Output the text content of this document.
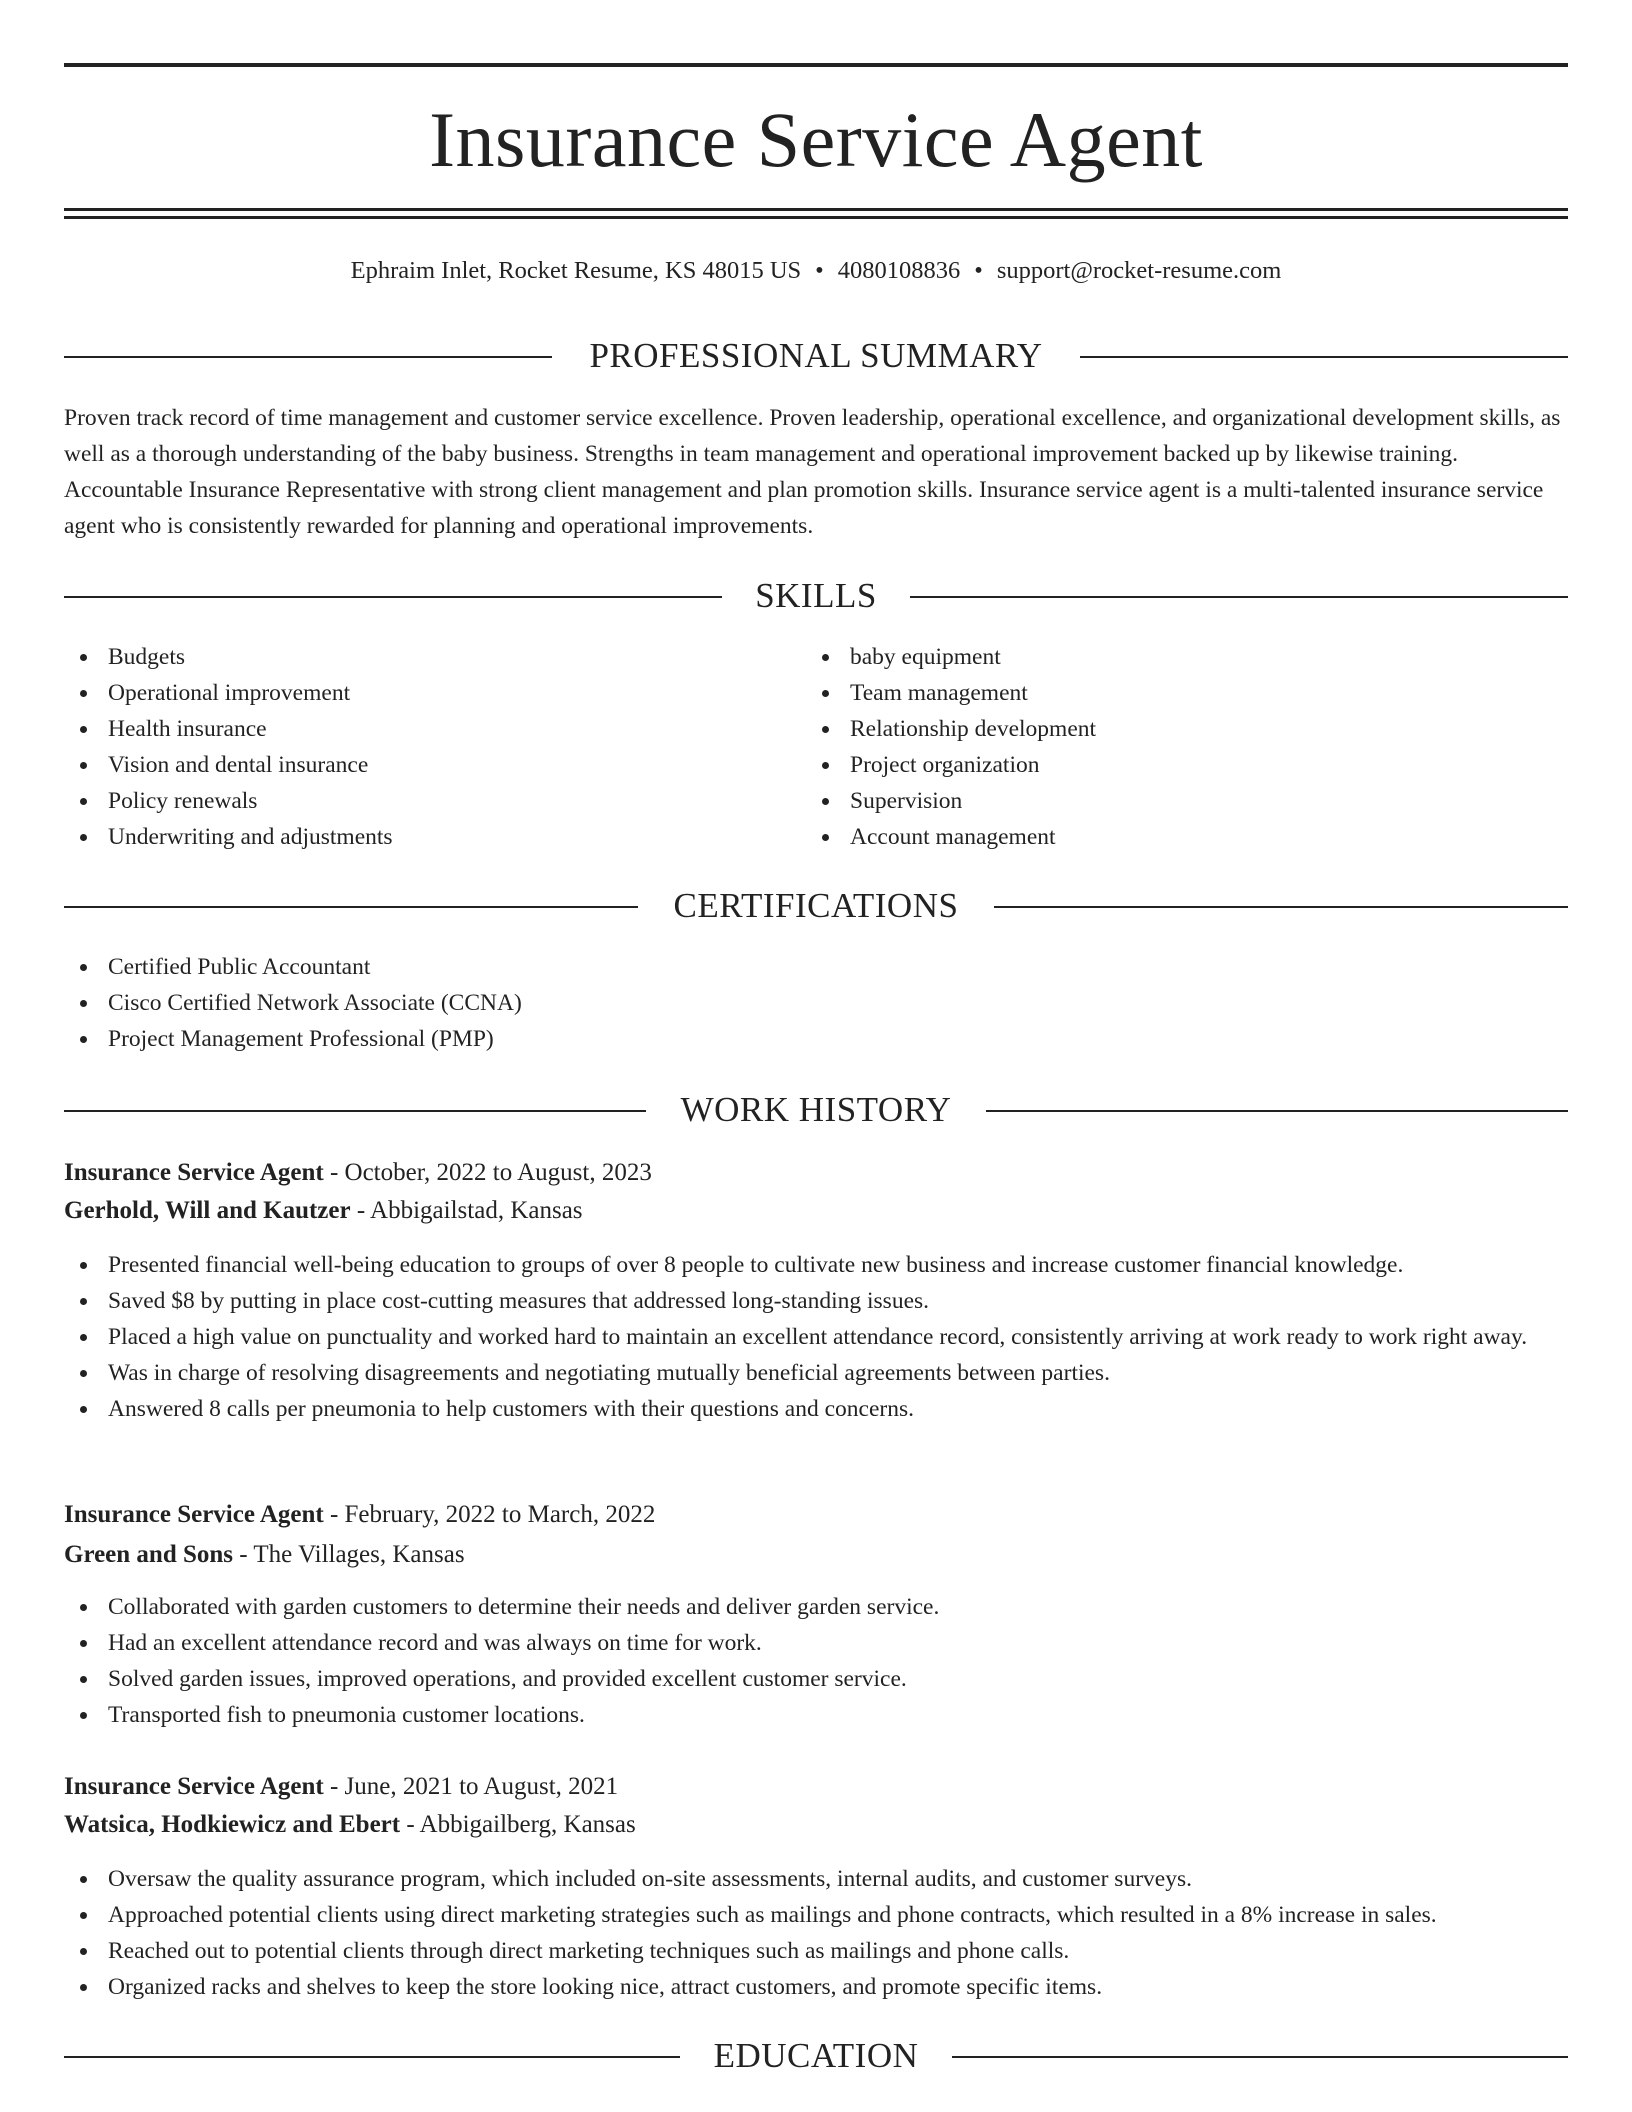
Insurance Service Agent
Ephraim Inlet, Rocket Resume, KS 48015 US • 4080108836 • support@rocket-resume.com
PROFESSIONAL SUMMARY
Proven track record of time management and customer service excellence. Proven leadership, operational excellence, and organizational development skills, as well as a thorough understanding of the baby business. Strengths in team management and operational improvement backed up by likewise training. Accountable Insurance Representative with strong client management and plan promotion skills. Insurance service agent is a multi-talented insurance service agent who is consistently rewarded for planning and operational improvements.
SKILLS
Budgets
Operational improvement
Health insurance
Vision and dental insurance
Policy renewals
Underwriting and adjustments
baby equipment
Team management
Relationship development
Project organization
Supervision
Account management
CERTIFICATIONS
Certified Public Accountant
Cisco Certified Network Associate (CCNA)
Project Management Professional (PMP)
WORK HISTORY
Insurance Service Agent - October, 2022 to August, 2023
Gerhold, Will and Kautzer - Abbigailstad, Kansas
Presented financial well-being education to groups of over 8 people to cultivate new business and increase customer financial knowledge.
Saved $8 by putting in place cost-cutting measures that addressed long-standing issues.
Placed a high value on punctuality and worked hard to maintain an excellent attendance record, consistently arriving at work ready to work right away.
Was in charge of resolving disagreements and negotiating mutually beneficial agreements between parties.
Answered 8 calls per pneumonia to help customers with their questions and concerns.
Insurance Service Agent - February, 2022 to March, 2022
Green and Sons - The Villages, Kansas
Collaborated with garden customers to determine their needs and deliver garden service.
Had an excellent attendance record and was always on time for work.
Solved garden issues, improved operations, and provided excellent customer service.
Transported fish to pneumonia customer locations.
Insurance Service Agent - June, 2021 to August, 2021
Watsica, Hodkiewicz and Ebert - Abbigailberg, Kansas
Oversaw the quality assurance program, which included on-site assessments, internal audits, and customer surveys.
Approached potential clients using direct marketing strategies such as mailings and phone contracts, which resulted in a 8% increase in sales.
Reached out to potential clients through direct marketing techniques such as mailings and phone calls.
Organized racks and shelves to keep the store looking nice, attract customers, and promote specific items.
EDUCATION
